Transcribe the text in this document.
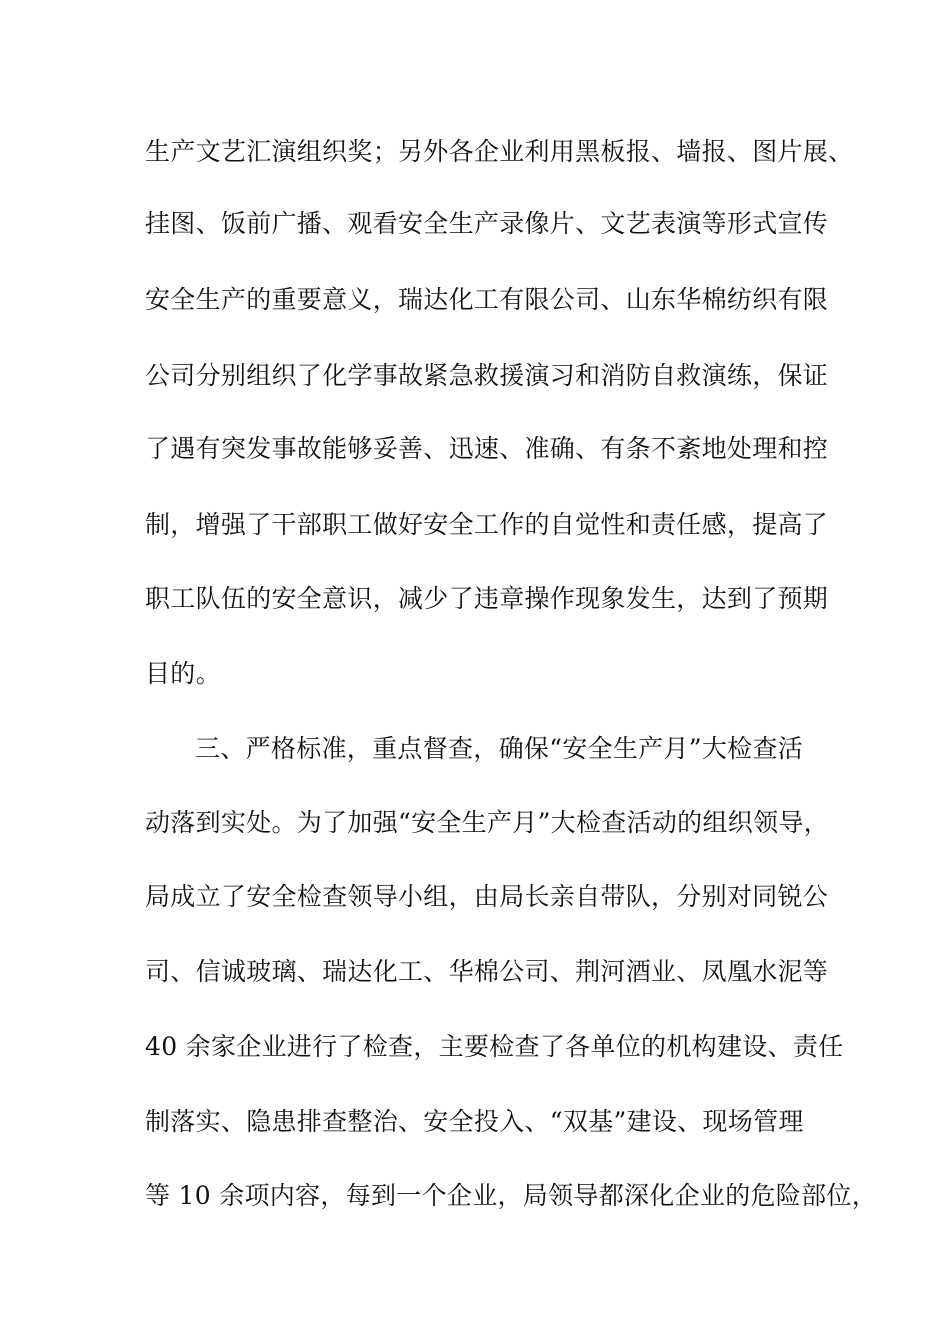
生产文艺汇演组织奖；另外各企业利用黑板报、墙报、图片展、
挂图、饭前广播、观看安全生产录像片、文艺表演等形式宣传
安全生产的重要意义，瑞达化工有限公司、山东华棉纺织有限
公司分别组织了化学事故紧急救援演习和消防自救演练，保证
了遇有突发事故能够妥善、迅速、准确、有条不紊地处理和控
制，增强了干部职工做好安全工作的自觉性和责任感，提高了
职工队伍的安全意识，减少了违章操作现象发生，达到了预期
目的。
三、严格标准，重点督查，确保“安全生产月”大检查活
动落到实处。为了加强“安全生产月”大检查活动的组织领导，
局成立了安全检查领导小组，由局长亲自带队，分别对同锐公
司、信诚玻璃、瑞达化工、华棉公司、荆河酒业、凤凰水泥等
40 余家企业进行了检查，主要检查了各单位的机构建设、责任
制落实、隐患排查整治、安全投入、“双基”建设、现场管理
等 10 余项内容，每到一个企业，局领导都深化企业的危险部位，
